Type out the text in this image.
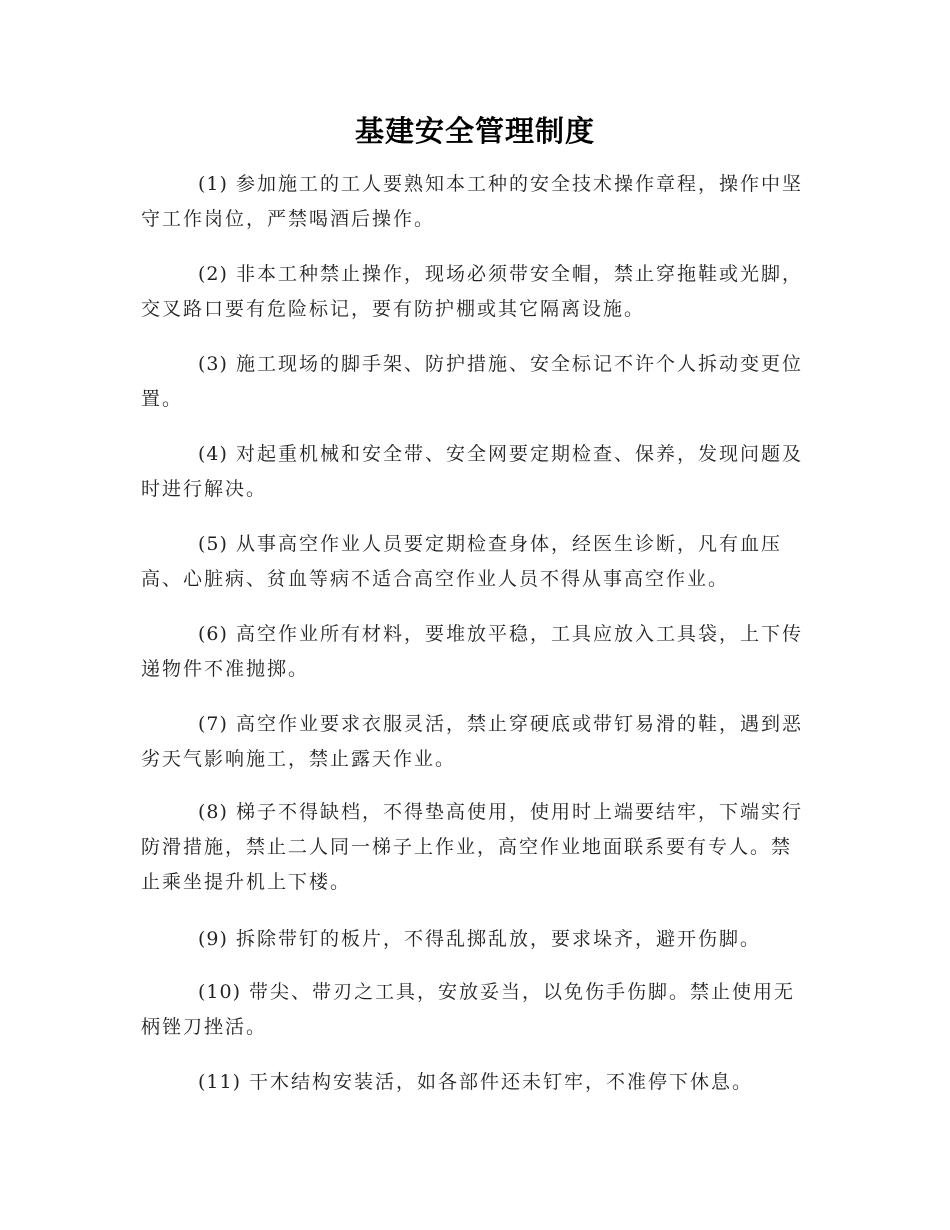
基建安全管理制度

(1) 参加施工的工人要熟知本工种的安全技术操作章程，操作中坚守工作岗位，严禁喝酒后操作。

(2) 非本工种禁止操作，现场必须带安全帽，禁止穿拖鞋或光脚，交叉路口要有危险标记，要有防护棚或其它隔离设施。

(3) 施工现场的脚手架、防护措施、安全标记不许个人拆动变更位置。

(4) 对起重机械和安全带、安全网要定期检查、保养，发现问题及时进行解决。

(5) 从事高空作业人员要定期检查身体，经医生诊断，凡有血压高、心脏病、贫血等病不适合高空作业人员不得从事高空作业。

(6) 高空作业所有材料，要堆放平稳，工具应放入工具袋，上下传递物件不准抛掷。

(7) 高空作业要求衣服灵活，禁止穿硬底或带钉易滑的鞋，遇到恶劣天气影响施工，禁止露天作业。

(8) 梯子不得缺档，不得垫高使用，使用时上端要结牢，下端实行防滑措施，禁止二人同一梯子上作业，高空作业地面联系要有专人。禁止乘坐提升机上下楼。

(9) 拆除带钉的板片，不得乱掷乱放，要求垛齐，避开伤脚。

(10) 带尖、带刃之工具，安放妥当，以免伤手伤脚。禁止使用无柄锉刀挫活。

(11) 干木结构安装活，如各部件还未钉牢，不准停下休息。
